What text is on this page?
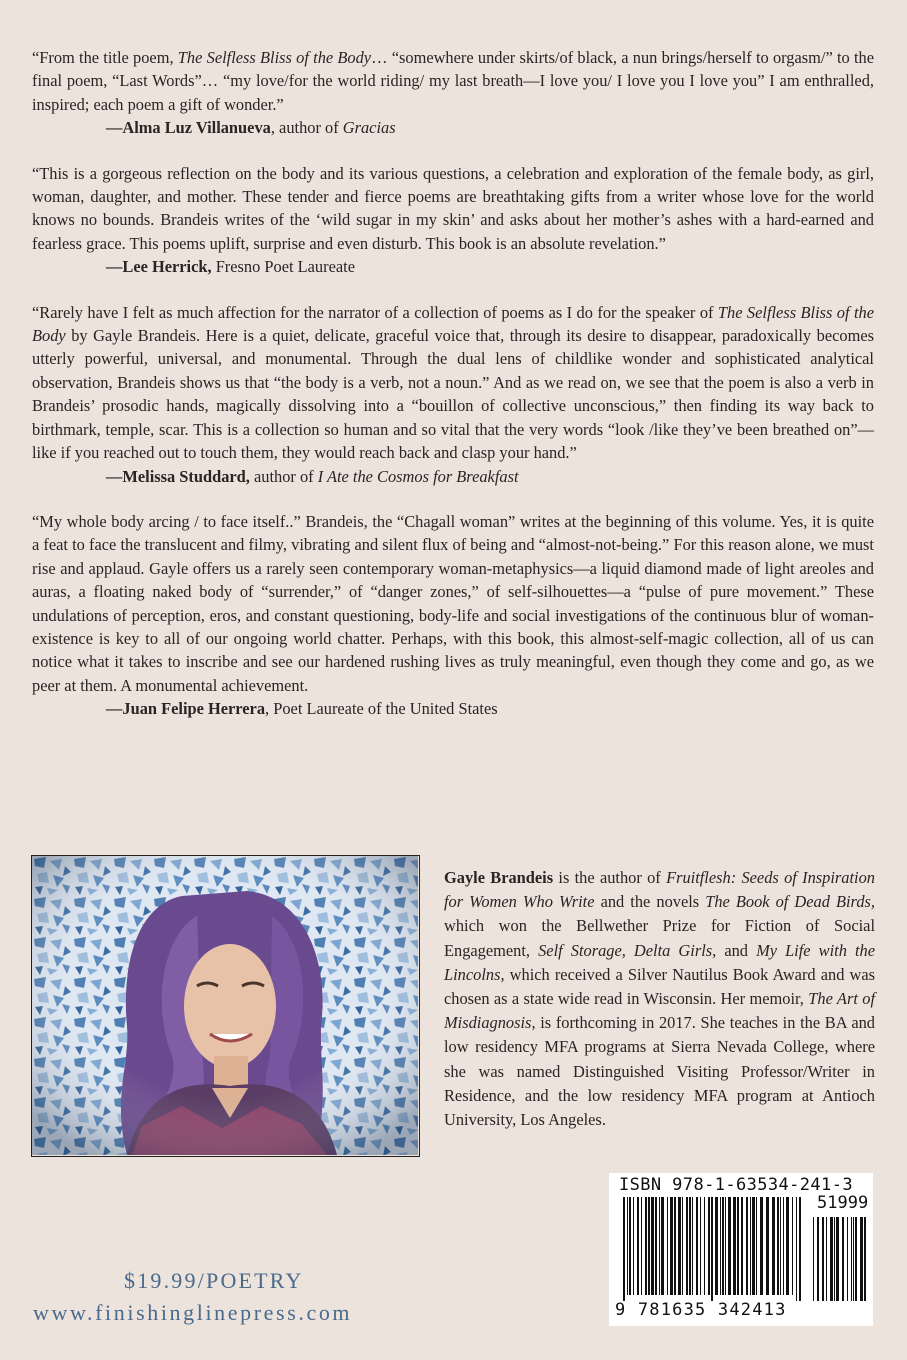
“From the title poem, The Selfless Bliss of the Body… “somewhere under skirts/of black, a nun brings/herself to orgasm/” to the final poem, “Last Words”… “my love/for the world riding/ my last breath—I love you/ I love you I love you” I am enthralled, inspired; each poem a gift of wonder.”

—Alma Luz Villanueva, author of Gracias

“This is a gorgeous reflection on the body and its various questions, a celebration and exploration of the female body, as girl, woman, daughter, and mother. These tender and fierce poems are breathtaking gifts from a writer whose love for the world knows no bounds. Brandeis writes of the ‘wild sugar in my skin’ and asks about her mother’s ashes with a hard-earned and fearless grace. This poems uplift, surprise and even disturb. This book is an absolute revelation.”

—Lee Herrick, Fresno Poet Laureate

“Rarely have I felt as much affection for the narrator of a collection of poems as I do for the speaker of The Selfless Bliss of the Body by Gayle Brandeis. Here is a quiet, delicate, graceful voice that, through its desire to disappear, paradoxically becomes utterly powerful, universal, and monumental. Through the dual lens of childlike wonder and sophisticated analytical observation, Brandeis shows us that “the body is a verb, not a noun.” And as we read on, we see that the poem is also a verb in Brandeis’ prosodic hands, magically dissolving into a “bouillon of collective unconscious,” then finding its way back to birthmark, temple, scar. This is a collection so human and so vital that the very words “look /like they’ve been breathed on”—like if you reached out to touch them, they would reach back and clasp your hand.”

—Melissa Studdard, author of I Ate the Cosmos for Breakfast

“My whole body arcing / to face itself..” Brandeis, the “Chagall woman” writes at the beginning of this volume. Yes, it is quite a feat to face the translucent and filmy, vibrating and silent flux of being and “almost-not-being.” For this reason alone, we must rise and applaud. Gayle offers us a rarely seen contemporary woman-metaphysics—a liquid diamond made of light areoles and auras, a floating naked body of “surrender,” of “danger zones,” of self-silhouettes—a “pulse of pure movement.” These undulations of perception, eros, and constant questioning, body-life and social investigations of the continuous blur of woman-existence is key to all of our ongoing world chatter. Perhaps, with this book, this almost-self-magic collection, all of us can notice what it takes to inscribe and see our hardened rushing lives as truly meaningful, even though they come and go, as we peer at them. A monumental achievement.

—Juan Felipe Herrera, Poet Laureate of the United States

Gayle Brandeis is the author of Fruitflesh: Seeds of Inspiration for Women Who Write and the novels The Book of Dead Birds, which won the Bellwether Prize for Fiction of Social Engagement, Self Storage, Delta Girls, and My Life with the Lincolns, which received a Silver Nautilus Book Award and was chosen as a state wide read in Wisconsin. Her memoir, The Art of Misdiagnosis, is forthcoming in 2017. She teaches in the BA and low residency MFA programs at Sierra Nevada College, where she was named Distinguished Visiting Professor/Writer in Residence, and the low residency MFA program at Antioch University, Los Angeles.

$19.99/POETRY
www.finishinglinepress.com
ISBN 978-1-63534-241-3
51999
9 781635 342413
